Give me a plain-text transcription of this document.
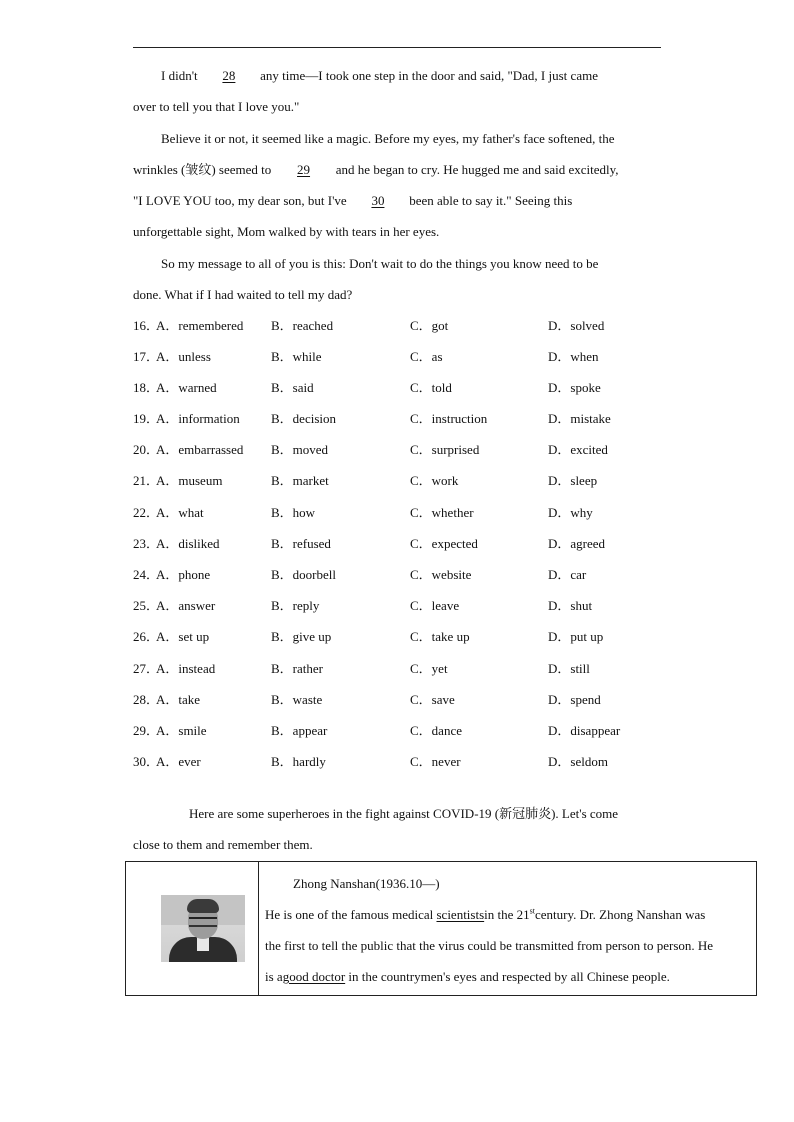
I didn't 28 any time—I took one step in the door and said, "Dad, I just came
over to tell you that I love you."
Believe it or not, it seemed like a magic. Before my eyes, my father's face softened, the
wrinkles (皱纹) seemed to 29 and he began to cry. He hugged me and said excitedly,
"I LOVE YOU too, my dear son, but I've 30 been able to say it." Seeing this
unforgettable sight, Mom walked by with tears in her eyes.
So my message to all of you is this: Don't wait to do the things you know need to be
done. What if I had waited to tell my dad?
16．
A．remembered B．reached	C．got	D．solved
17．
A．unless	B．while	C．as	D．when
18．
A．warned	B．said	C．told	D．spoke
19．
A．information B．decision	C．instruction	D．mistake
20．
A．embarrassed B．moved	C．surprised	D．excited
21．
A．museum	B．market	C．work	D．sleep
22．
A．what	B．how	C．whether	D．why
23．
A．disliked	B．refused	C．expected	D．agreed
24．
A．phone	B．doorbell	C．website	D．car
25．
A．answer	B．reply	C．leave	D．shut
26．
A．set up	B．give up	C．take up	D．put up
27．
A．instead	B．rather	C．yet	D．still
28．
A．take	B．waste	C．save	D．spend
29．
A．smile	B．appear	C．dance	D．disappear
30．
A．ever	B．hardly	C．never	D．seldom
Here are some superheroes in the fight against COVID-19 (新冠肺炎). Let's come
close to them and remember them.
Zhong Nanshan(1936.10—)
He is one of the famous medical scientistsin the 21stcentury. Dr. Zhong Nanshan was
the first to tell the public that the virus could be transmitted from person to person. He
is agood doctor in the countrymen's eyes and respected by all Chinese people.
